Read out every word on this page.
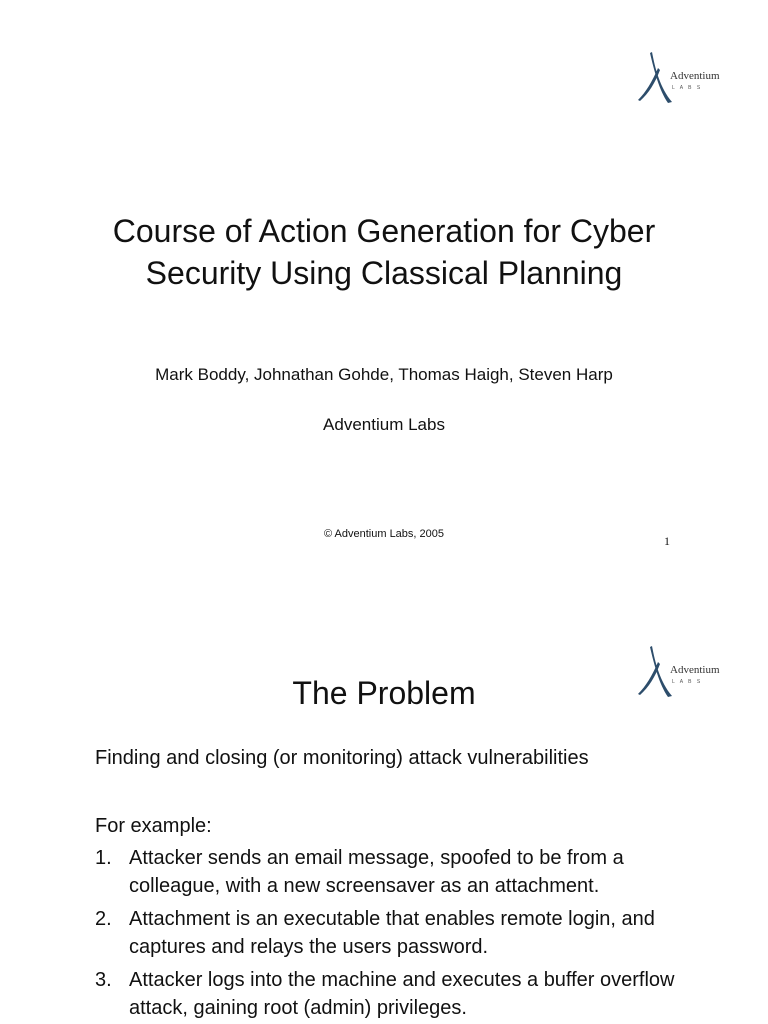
Adventium
L A B S
Course of Action Generation for Cyber
Security Using Classical Planning
Mark Boddy, Johnathan Gohde, Thomas Haigh, Steven Harp
Adventium Labs
© Adventium Labs, 2005	1
Adventium
L A B S
The Problem

Finding and closing (or monitoring) attack vulnerabilities

For example:
1. Attacker sends an email message, spoofed to be from a colleague, with a new screensaver as an attachment.
2. Attachment is an executable that enables remote login, and captures and relays the users password.
3. Attacker logs into the machine and executes a buffer overflow attack, gaining root (admin) privileges.
